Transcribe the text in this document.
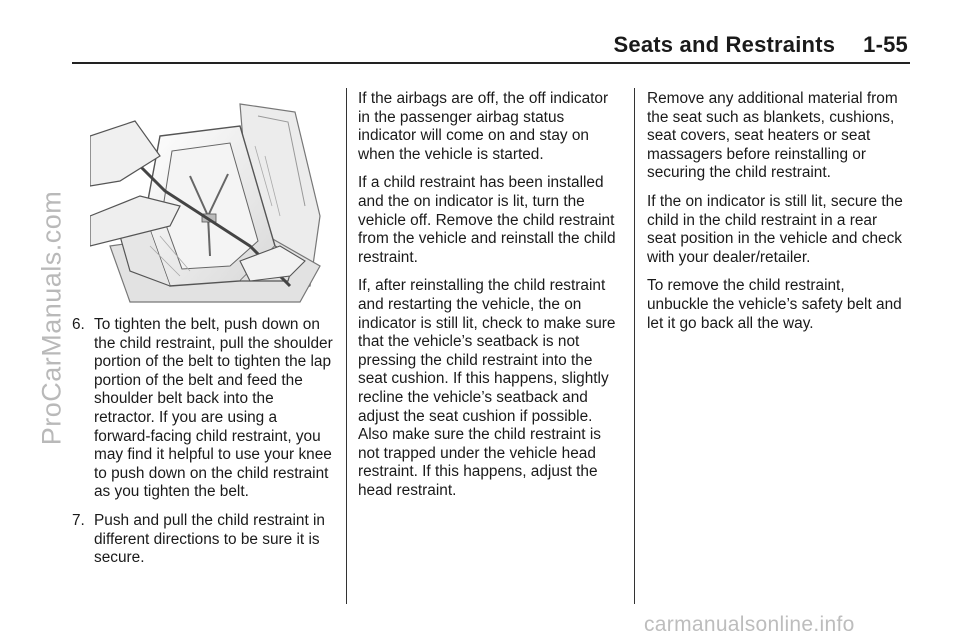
Seats and Restraints 1-55
6. To tighten the belt, push down on the child restraint, pull the shoulder portion of the belt to tighten the lap portion of the belt and feed the shoulder belt back into the retractor. If you are using a forward-facing child restraint, you may find it helpful to use your knee to push down on the child restraint as you tighten the belt.
7. Push and pull the child restraint in different directions to be sure it is secure.

If the airbags are off, the off indicator in the passenger airbag status indicator will come on and stay on when the vehicle is started.

If a child restraint has been installed and the on indicator is lit, turn the vehicle off. Remove the child restraint from the vehicle and reinstall the child restraint.

If, after reinstalling the child restraint and restarting the vehicle, the on indicator is still lit, check to make sure that the vehicle’s seatback is not pressing the child restraint into the seat cushion. If this happens, slightly recline the vehicle’s seatback and adjust the seat cushion if possible. Also make sure the child restraint is not trapped under the vehicle head restraint. If this happens, adjust the head restraint.

Remove any additional material from the seat such as blankets, cushions, seat covers, seat heaters or seat massagers before reinstalling or securing the child restraint.

If the on indicator is still lit, secure the child in the child restraint in a rear seat position in the vehicle and check with your dealer/retailer.

To remove the child restraint, unbuckle the vehicle’s safety belt and let it go back all the way.

ProCarManuals.com
carmanualsonline.info
